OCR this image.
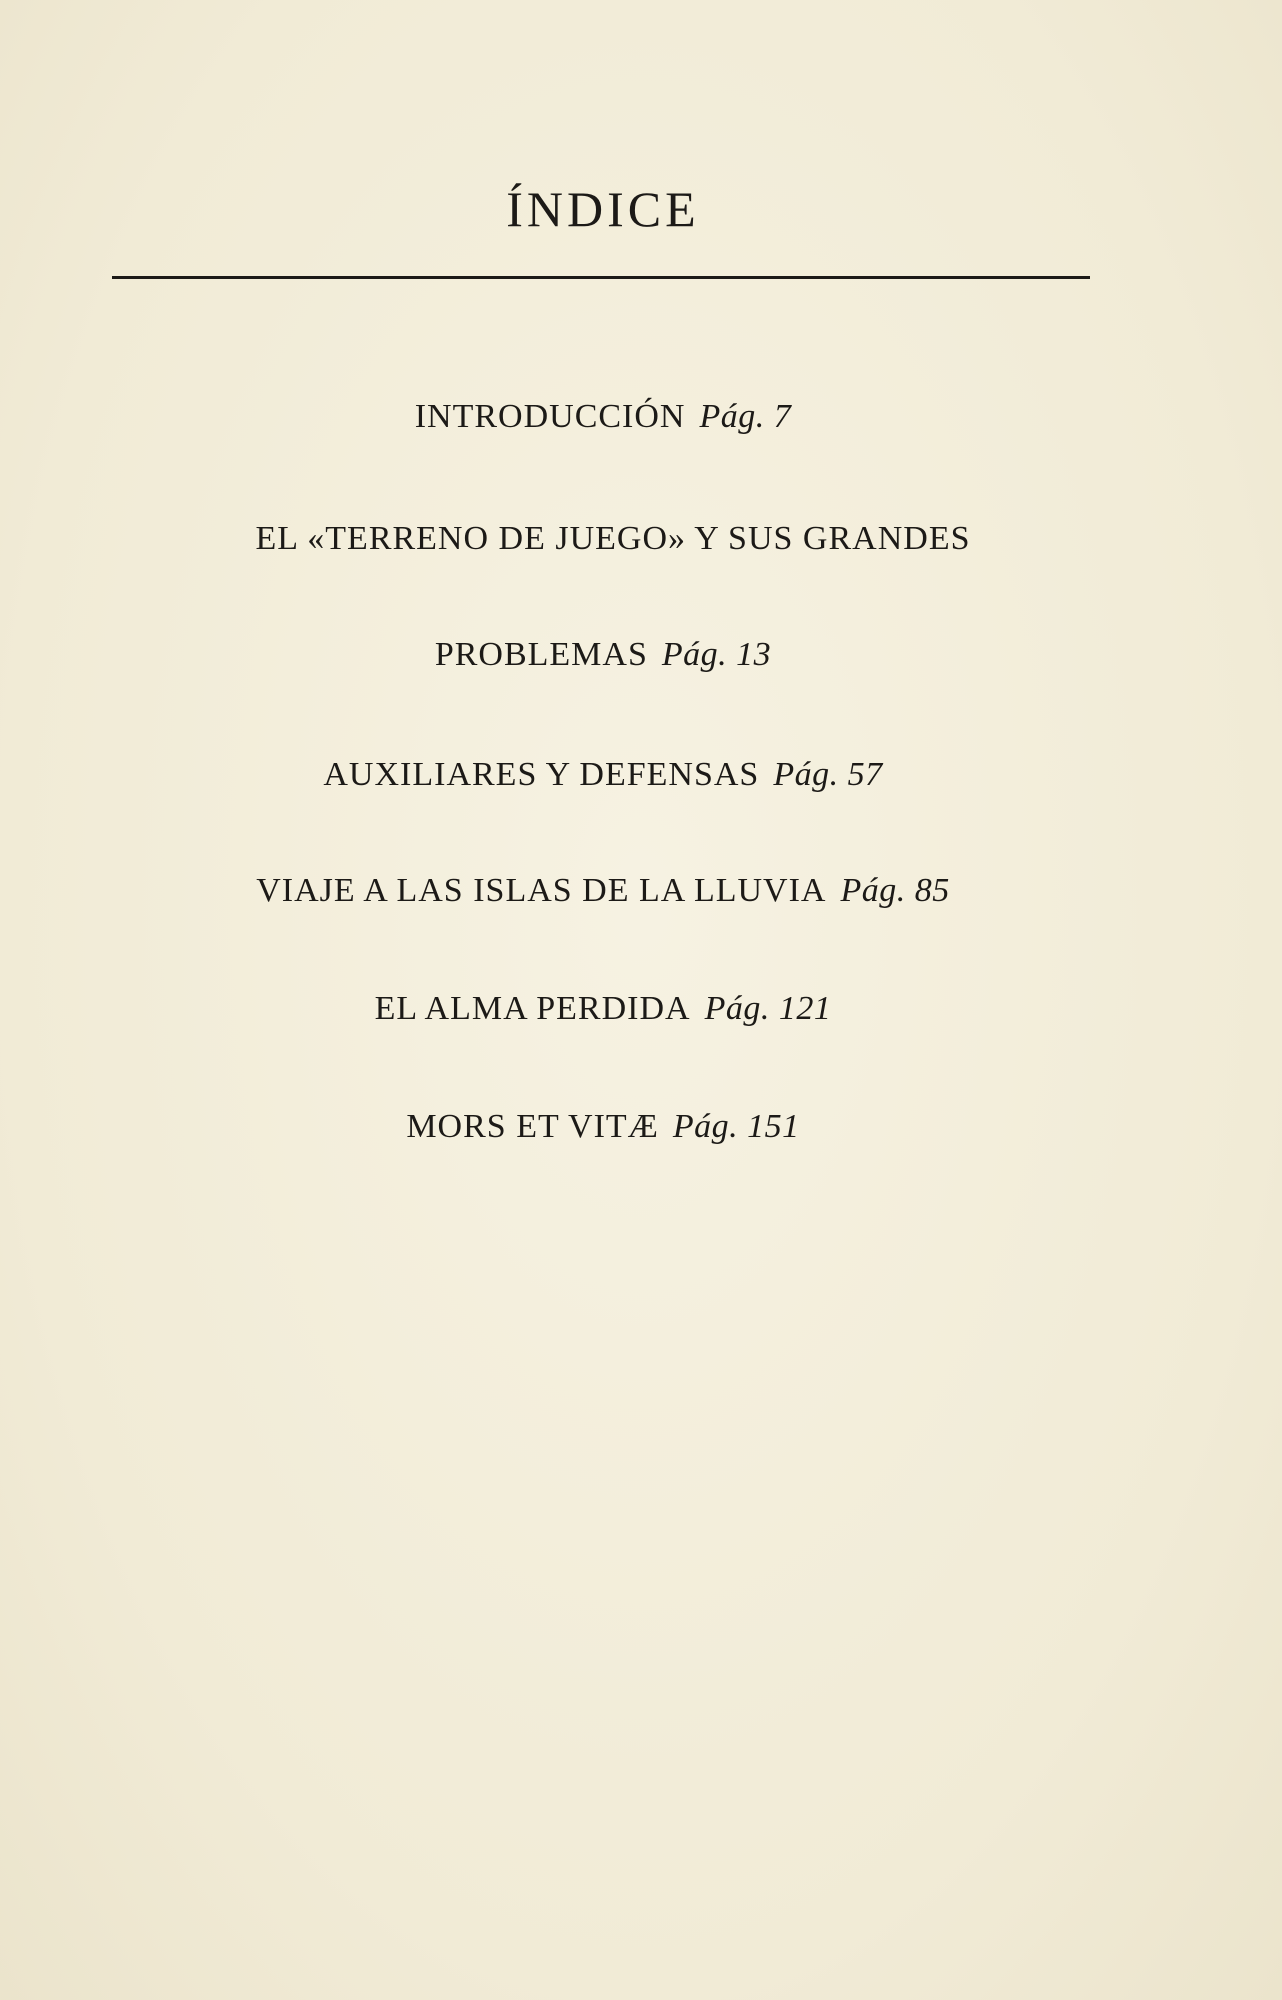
ÍNDICE
INTRODUCCIÓN Pág. 7
EL «TERRENO DE JUEGO» Y SUS GRANDES
PROBLEMAS Pág. 13
AUXILIARES Y DEFENSAS Pág. 57
VIAJE A LAS ISLAS DE LA LLUVIA Pág. 85
EL ALMA PERDIDA Pág. 121
MORS ET VITÆ Pág. 151
